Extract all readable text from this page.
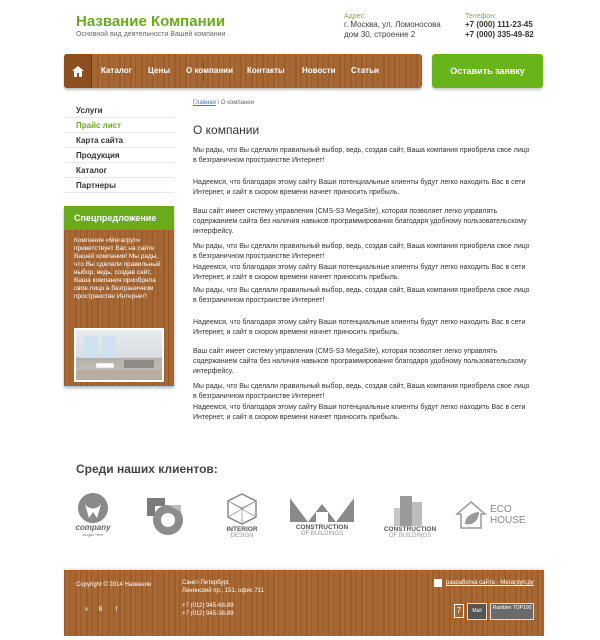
Название Компании
Основной вид деятельности Вашей компании
Адрес:
г. Москва, ул. Ломоносова
дом 30, строение 2
Телефон:
+7 (000) 111-23-45
+7 (000) 335-49-82
Каталог Цены О компании Контакты Новости Статьи	Оставить заявку
Услуги
Прайс лист
Карта сайта
Продукция
Каталог
Партнеры
Спецпредложение
Компания «Мегагруп» приветствует Вас на сайте Вашей компании! Мы рады, что Вы сделали правильный выбор, ведь, создав сайт, Ваша компания приобрела свое лицо в безграничном пространстве Интернет!
Главная \ О компании
О компании

Мы рады, что Вы сделали правильный выбор, ведь, создав сайт, Ваша компания приобрела свое лицо в безграничном пространстве Интернет!

Надеемся, что благодаря этому сайту Ваши потенциальные клиенты будут легко находить Вас в сети Интернет, и сайт в скором времени начнет приносить прибыль.

Ваш сайт имеет систему управления (CMS-S3 MegaSite), которая позволяет легко управлять содержанием сайта без наличия навыков программирования благодаря удобному пользовательскому интерфейсу.

Мы рады, что Вы сделали правильный выбор, ведь, создав сайт, Ваша компания приобрела свое лицо в безграничном пространстве Интернет!

Надеемся, что благодаря этому сайту Ваши потенциальные клиенты будут легко находить Вас в сети Интернет, и сайт в скором времени начнет приносить прибыль.

Мы рады, что Вы сделали правильный выбор, ведь, создав сайт, Ваша компания приобрела свое лицо в безграничном пространстве Интернет!

Надеемся, что благодаря этому сайту Ваши потенциальные клиенты будут легко находить Вас в сети Интернет, и сайт в скором времени начнет приносить прибыль.

Ваш сайт имеет систему управления (CMS-S3 MegaSite), которая позволяет легко управлять содержанием сайта без наличия навыков программирования благодаря удобному пользовательскому интерфейсу.

Мы рады, что Вы сделали правильный выбор, ведь, создав сайт, Ваша компания приобрела свое лицо в безграничном пространстве Интернет!

Надеемся, что благодаря этому сайту Ваши потенциальные клиенты будут легко находить Вас в сети Интернет, и сайт в скором времени начнет приносить прибыль.

Среди наших клиентов:
company
slogan here
INTERIOR
DESIGN
CONSTRUCTION
OF BUILDINGS
CONSTRUCTION
OF BUILDINGS
ECO
HOUSE
Copyright © 2014 Название	Санкт-Петербург,
Ленинский пр., 151, офис 711
+7 (012) 945-68-89
+7 (012) 945-38-89
v	B	f
разработка сайта - Мегагруп.ру
7	Mail	Rambler TOP100
